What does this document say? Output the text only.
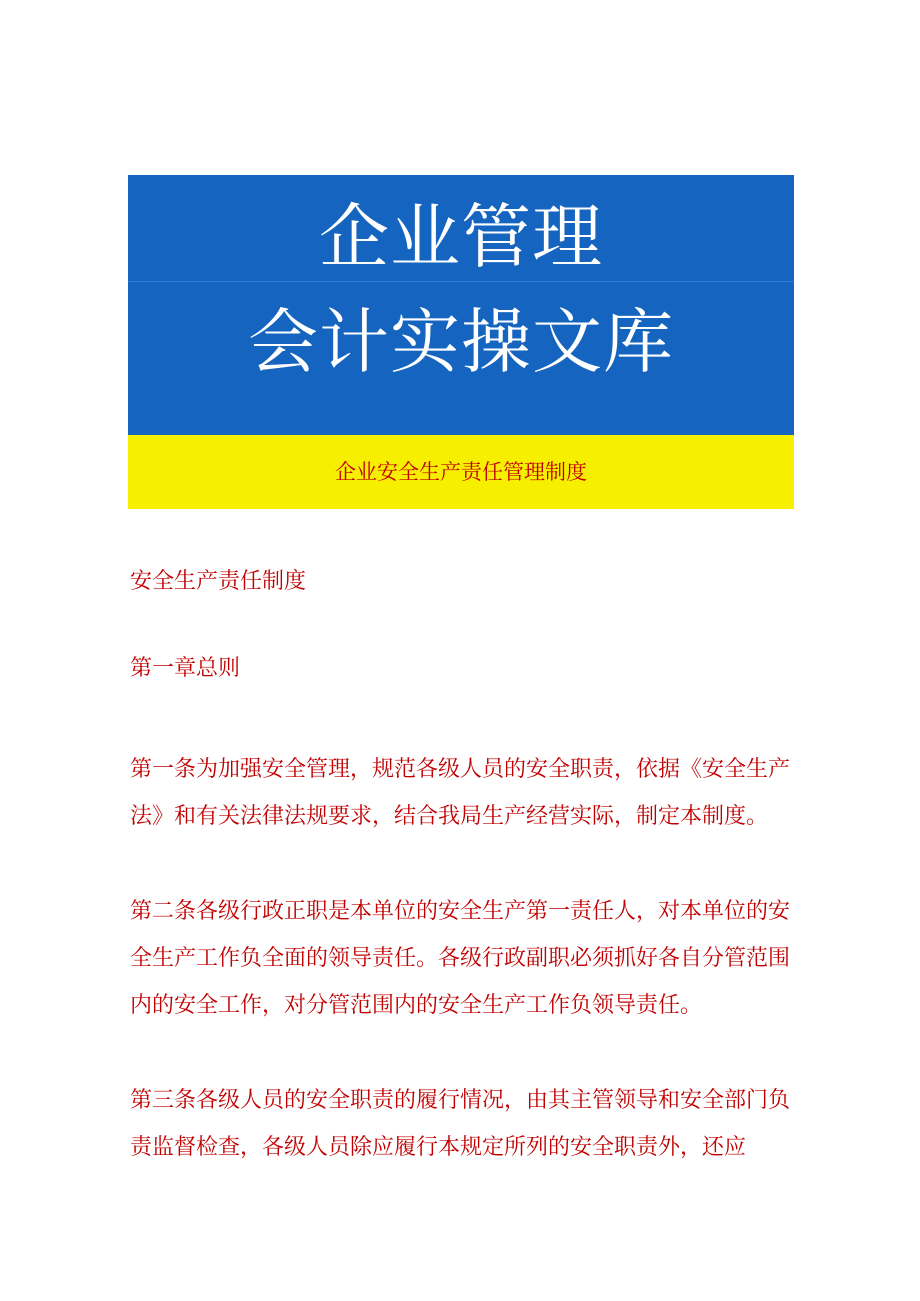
企业管理
会计实操文库
企业安全生产责任管理制度

安全生产责任制度

第一章总则

第一条为加强安全管理，规范各级人员的安全职责，依据《安全生产法》和有关法律法规要求，结合我局生产经营实际，制定本制度。

第二条各级行政正职是本单位的安全生产第一责任人，对本单位的安全生产工作负全面的领导责任。各级行政副职必须抓好各自分管范围内的安全工作，对分管范围内的安全生产工作负领导责任。

第三条各级人员的安全职责的履行情况，由其主管领导和安全部门负责监督检查，各级人员除应履行本规定所列的安全职责外，还应
